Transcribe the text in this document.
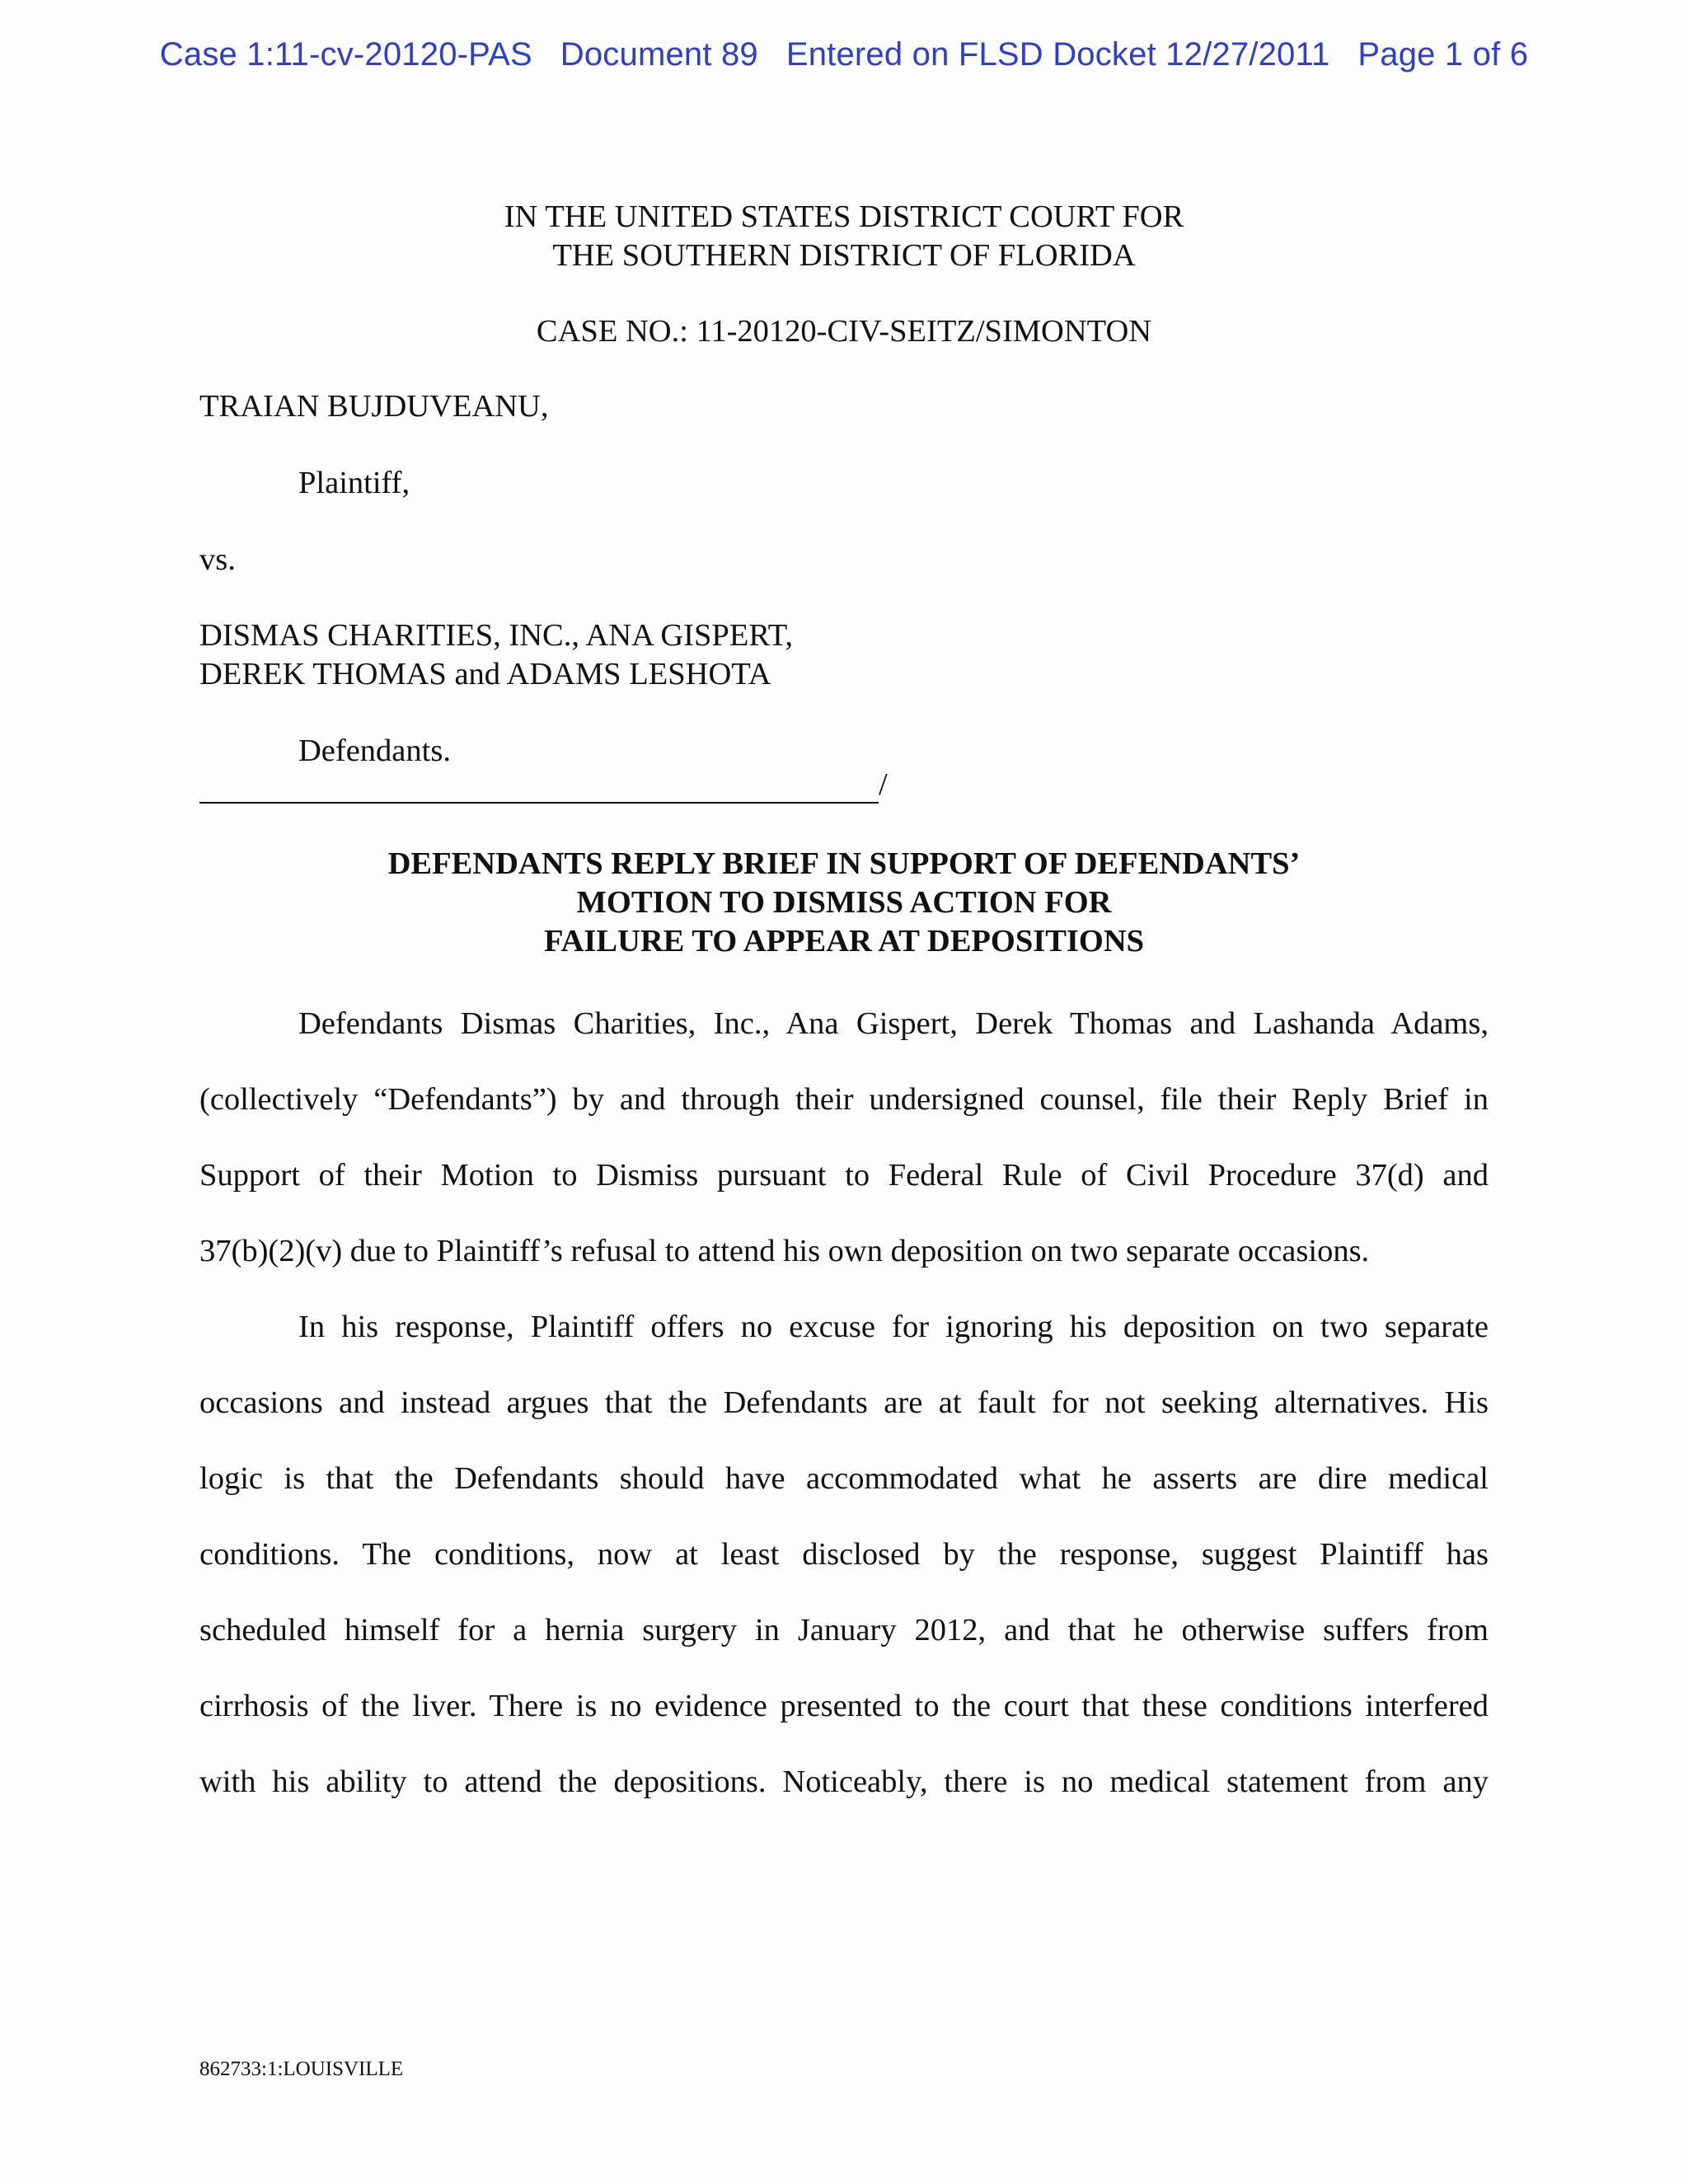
Case 1:11-cv-20120-PAS   Document 89   Entered on FLSD Docket 12/27/2011   Page 1 of 6
IN THE UNITED STATES DISTRICT COURT FOR
THE SOUTHERN DISTRICT OF FLORIDA
CASE NO.: 11-20120-CIV-SEITZ/SIMONTON
TRAIAN BUJDUVEANU,
Plaintiff,
vs.
DISMAS CHARITIES, INC., ANA GISPERT,
DEREK THOMAS and ADAMS LESHOTA
Defendants.
/
DEFENDANTS REPLY BRIEF IN SUPPORT OF DEFENDANTS’
MOTION TO DISMISS ACTION FOR
FAILURE TO APPEAR AT DEPOSITIONS
Defendants Dismas Charities, Inc., Ana Gispert, Derek Thomas and Lashanda Adams,
(collectively “Defendants”) by and through their undersigned counsel, file their Reply Brief in
Support of their Motion to Dismiss pursuant to Federal Rule of Civil Procedure 37(d) and
37(b)(2)(v) due to Plaintiff’s refusal to attend his own deposition on two separate occasions.
In his response, Plaintiff offers no excuse for ignoring his deposition on two separate
occasions and instead argues that the Defendants are at fault for not seeking alternatives. His
logic is that the Defendants should have accommodated what he asserts are dire medical
conditions. The conditions, now at least disclosed by the response, suggest Plaintiff has
scheduled himself for a hernia surgery in January 2012, and that he otherwise suffers from
cirrhosis of the liver. There is no evidence presented to the court that these conditions interfered
with his ability to attend the depositions. Noticeably, there is no medical statement from any
862733:1:LOUISVILLE
